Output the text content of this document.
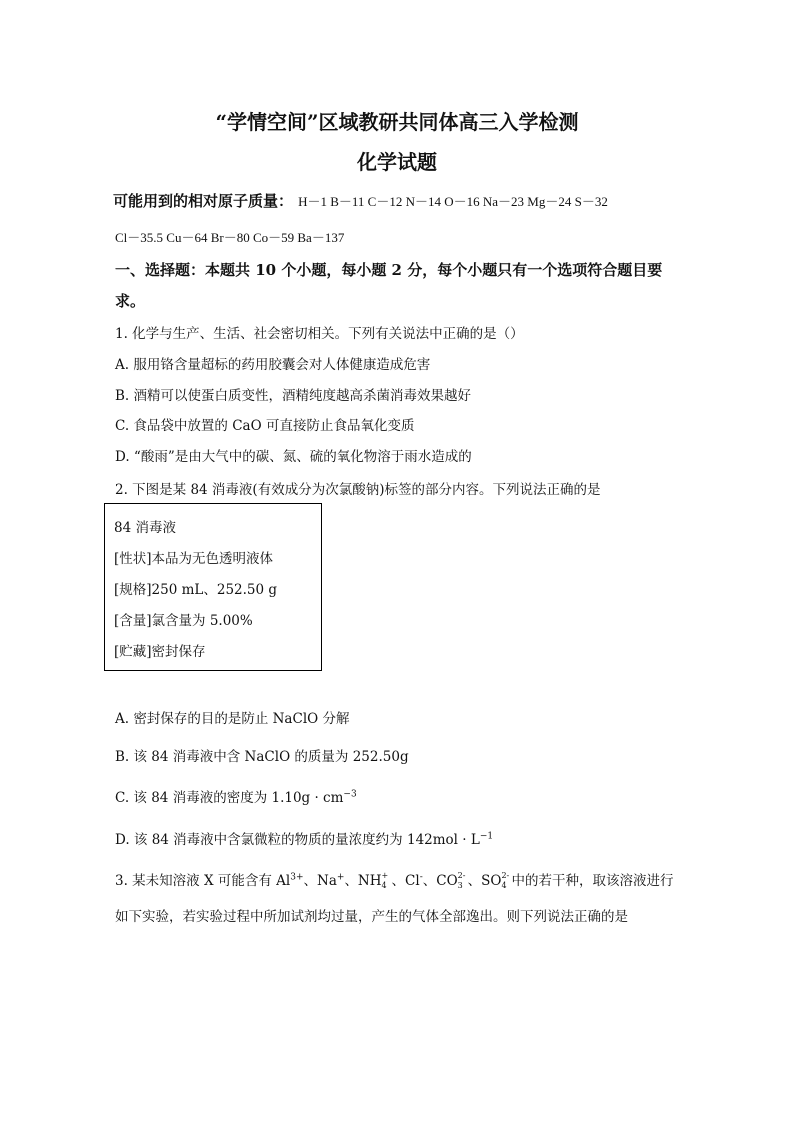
“学情空间”区域教研共同体高三入学检测
化学试题
可能用到的相对原子质量： H－1 B－11 C－12 N－14 O－16 Na－23 Mg－24 S－32
Cl－35.5 Cu－64 Br－80 Co－59 Ba－137
一、选择题：本题共 10 个小题，每小题 2 分，每个小题只有一个选项符合题目要
求。
1. 化学与生产、生活、社会密切相关。下列有关说法中正确的是（）
A. 服用铬含量超标的药用胶囊会对人体健康造成危害
B. 酒精可以使蛋白质变性，酒精纯度越高杀菌消毒效果越好
C. 食品袋中放置的 CaO 可直接防止食品氧化变质
D. “酸雨”是由大气中的碳、氮、硫的氧化物溶于雨水造成的
2. 下图是某 84 消毒液(有效成分为次氯酸钠)标签的部分内容。下列说法正确的是
84 消毒液
[性状]本品为无色透明液体
[规格]250 mL、252.50 g
[含量]氯含量为 5.00%
[贮藏]密封保存
A. 密封保存的目的是防止 NaClO 分解
B. 该 84 消毒液中含 NaClO 的质量为 252.50g
C. 该 84 消毒液的密度为 $1.10g \cdot cm^{-3}$
D. 该 84 消毒液中含氯微粒的物质的量浓度约为 $142mol \cdot L^{-1}$
3. 某未知溶液 X 可能含有 $Al^{3+}$、Na+、NH +
4 、Cl-、CO 2-
3 、SO 2-
4 中的若干种，取该溶液进行
如下实验，若实验过程中所加试剂均过量，产生的气体全部逸出。则下列说法正确的是
